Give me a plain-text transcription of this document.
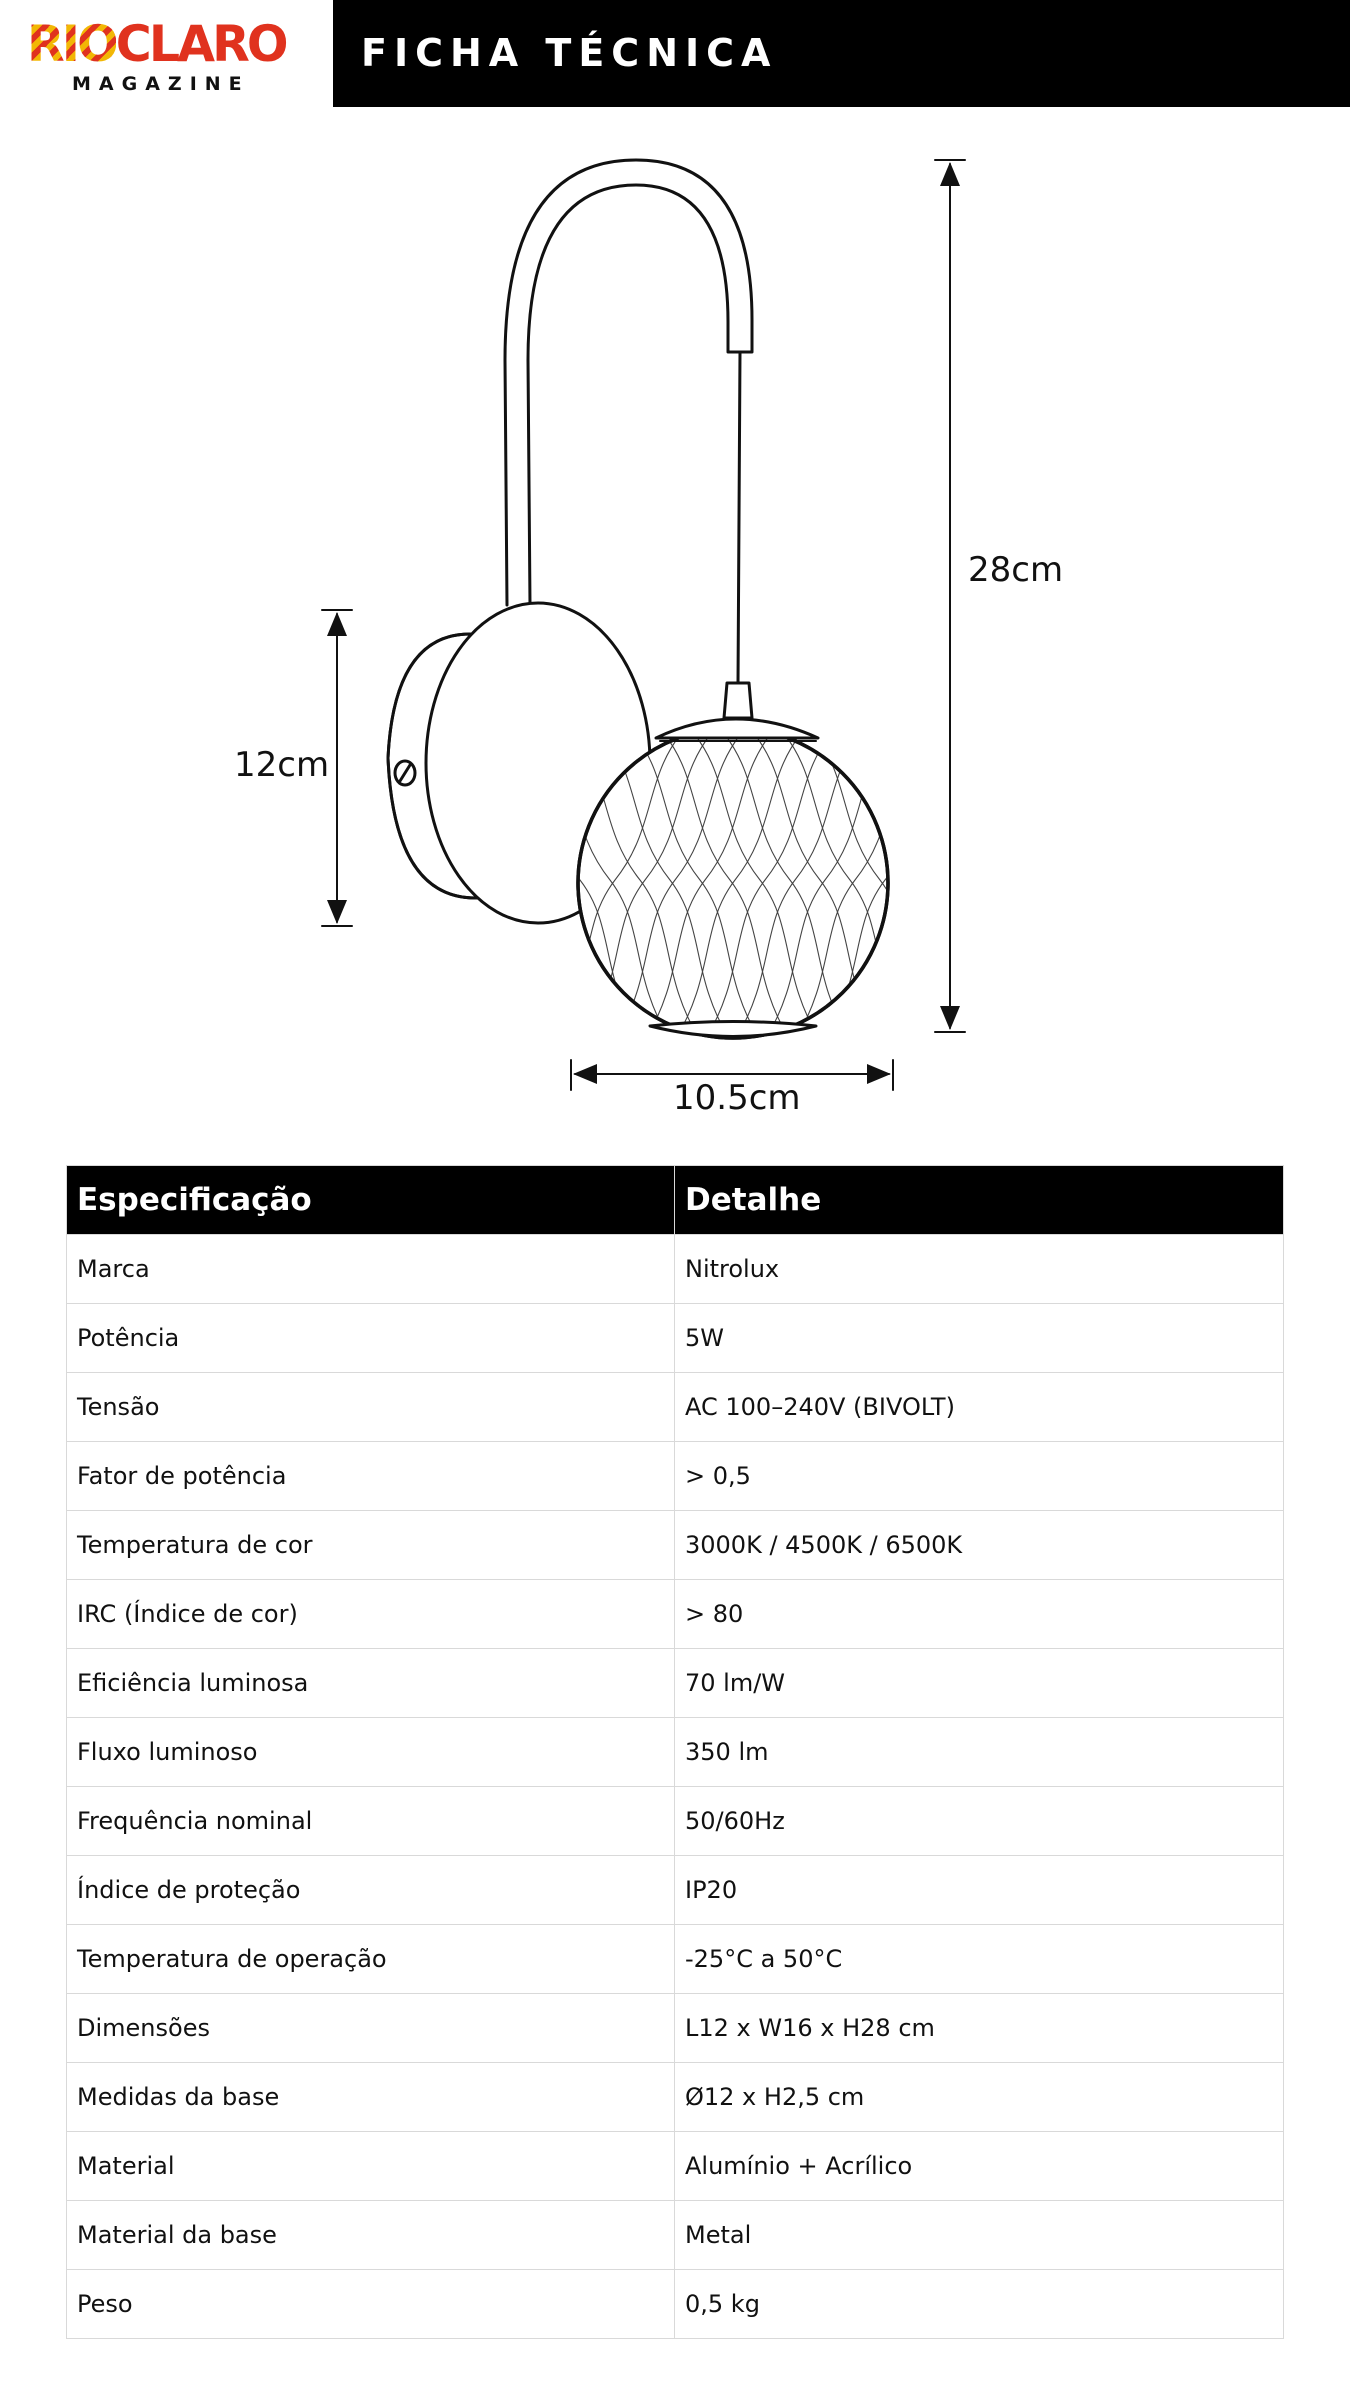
RIOCLARO
MAGAZINE
FICHA TÉCNICA
28cm
12cm
10.5cm
Especificação	Detalhe
Marca	Nitrolux
Potência	5W
Tensão	AC 100–240V (BIVOLT)
Fator de potência	> 0,5
Temperatura de cor	3000K / 4500K / 6500K
IRC (Índice de cor)	> 80
Eficiência luminosa	70 lm/W
Fluxo luminoso	350 lm
Frequência nominal	50/60Hz
Índice de proteção	IP20
Temperatura de operação	-25°C a 50°C
Dimensões	L12 x W16 x H28 cm
Medidas da base	Ø12 x H2,5 cm
Material	Alumínio + Acrílico
Material da base	Metal
Peso	0,5 kg
